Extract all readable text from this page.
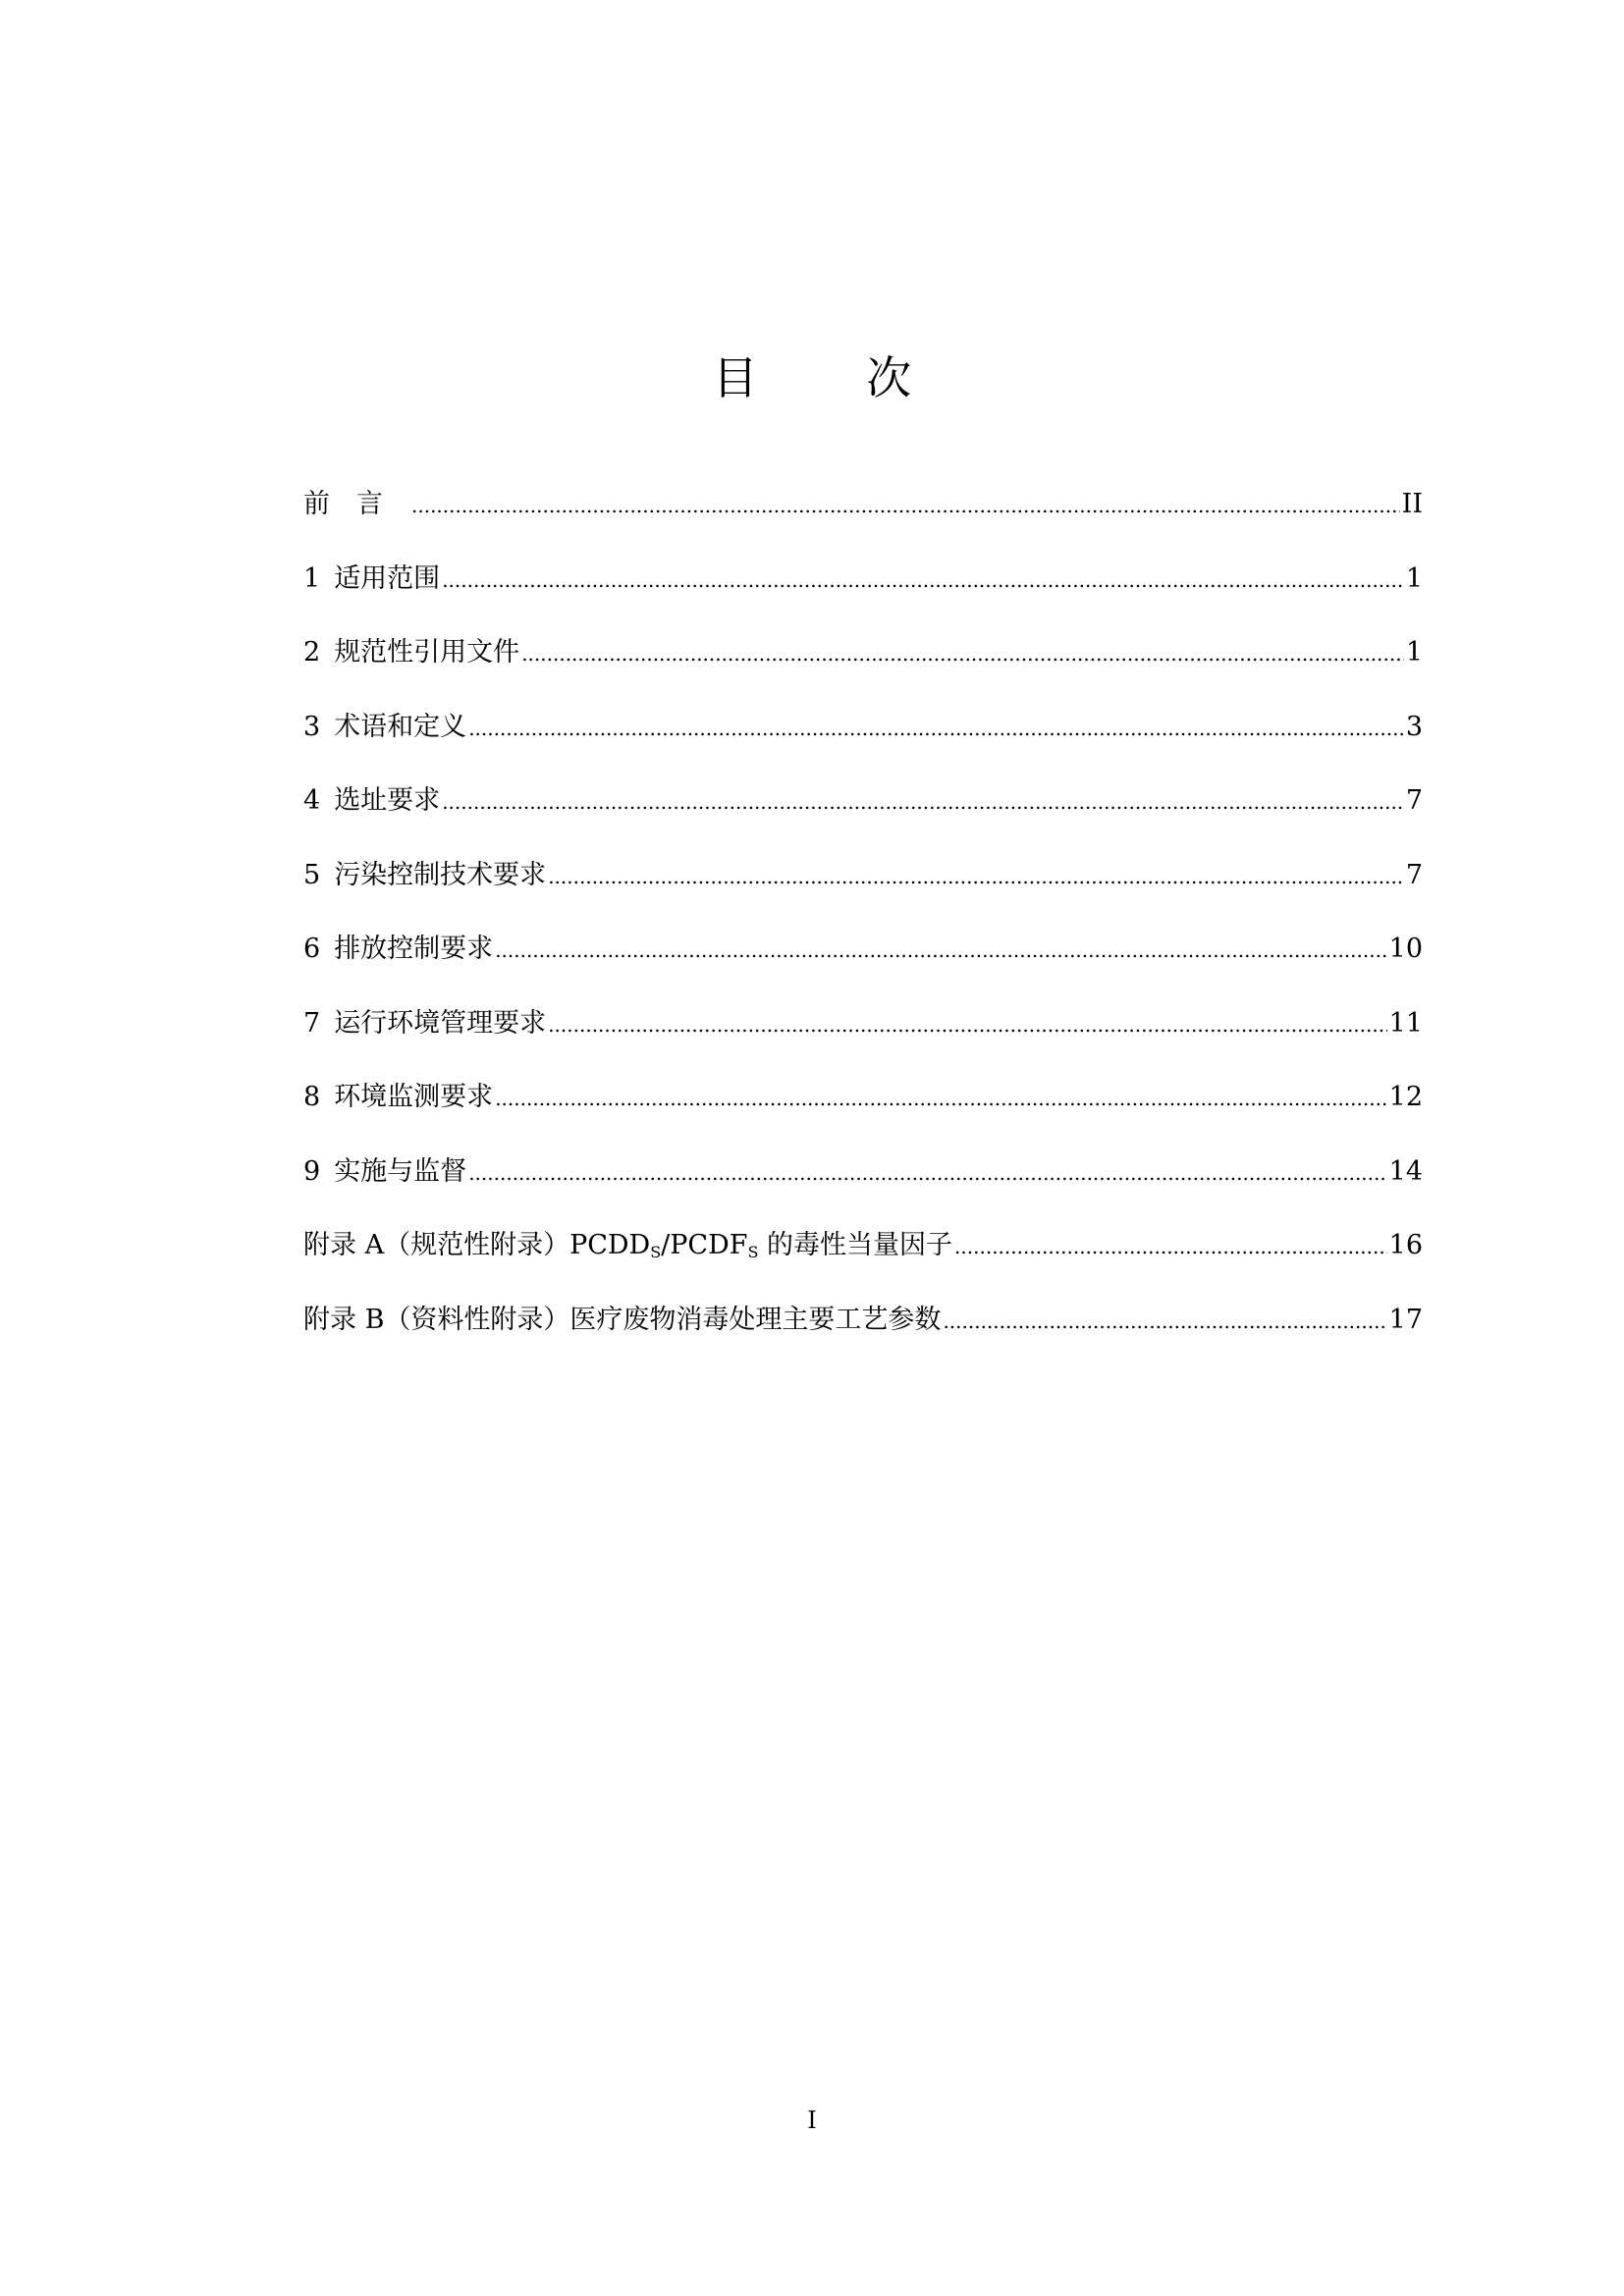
目 次
前言 .....	II
1 适用范围 .....	1
2 规范性引用文件 .....	1
3 术语和定义 .....	3
4 选址要求 .....	7
5 污染控制技术要求 .....	7
6 排放控制要求 .....	10
7 运行环境管理要求 .....	11
8 环境监测要求 .....	12
9 实施与监督 .....	14
附录 A（规范性附录）$PCDD_S/PCDF_S$ 的毒性当量因子 .....	16
附录 B（资料性附录）医疗废物消毒处理主要工艺参数 .....	17
I
